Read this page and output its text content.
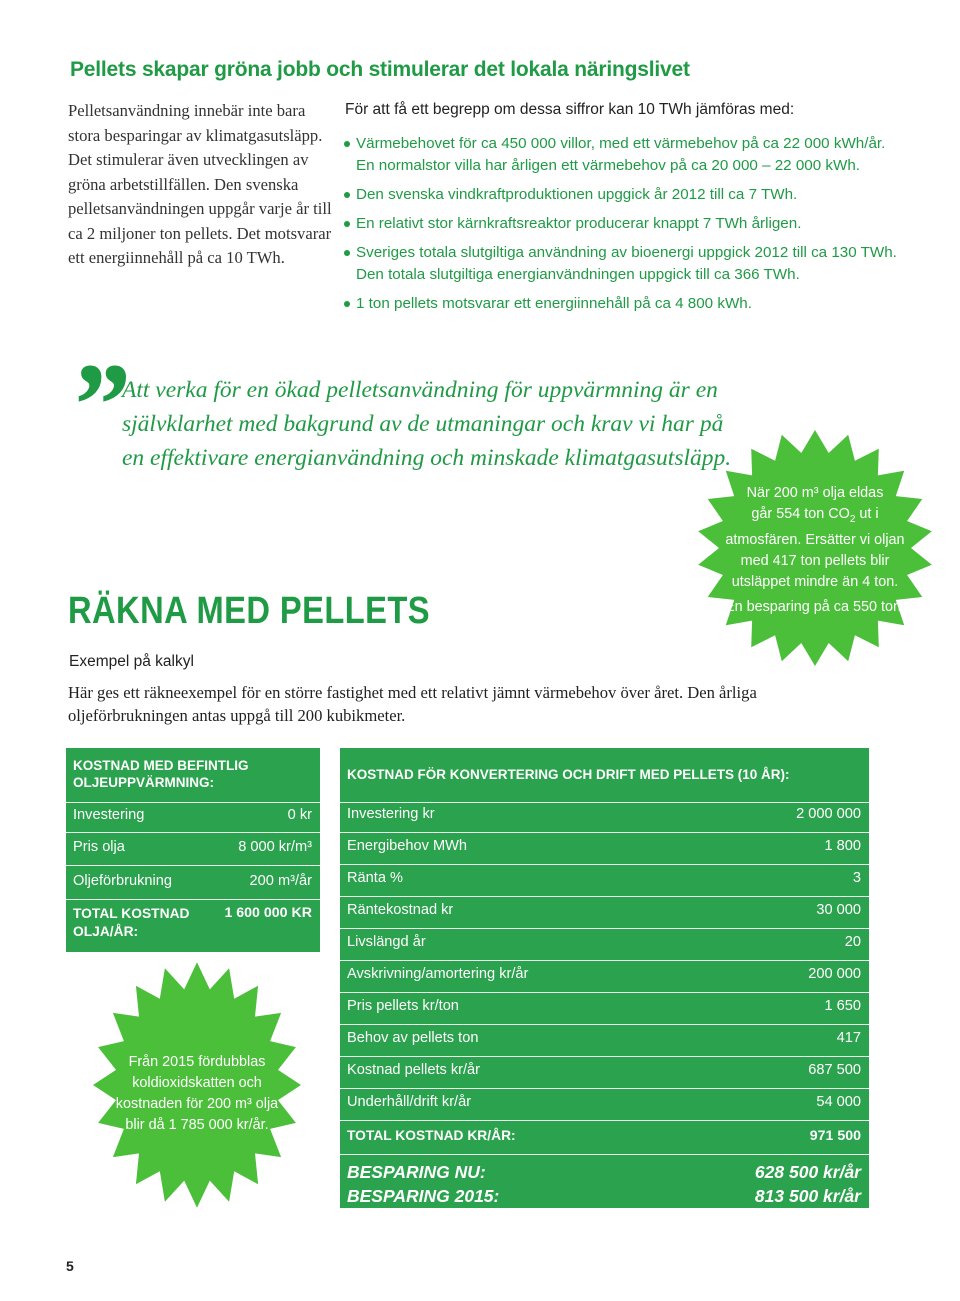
Pellets skapar gröna jobb och stimulerar det lokala näringslivet
Pelletsanvändning innebär inte bara stora besparingar av klimatgasutsläpp. Det stimulerar även utvecklingen av gröna arbetstillfällen. Den svenska pelletsanvändningen uppgår varje år till ca 2 miljoner ton pellets. Det motsvarar ett energiinnehåll på ca 10 TWh.
För att få ett begrepp om dessa siffror kan 10 TWh jämföras med:
Värmebehovet för ca 450 000 villor, med ett värmebehov på ca 22 000 kWh/år.
En normalstor villa har årligen ett värmebehov på ca 20 000 – 22 000 kWh.
Den svenska vindkraftproduktionen upggick år 2012 till ca 7 TWh.
En relativt stor kärnkraftsreaktor producerar knappt 7 TWh årligen.
Sveriges totala slutgiltiga användning av bioenergi uppgick 2012 till ca 130 TWh.
Den totala slutgiltiga energianvändningen uppgick till ca 366 TWh.
1 ton pellets motsvarar ett energiinnehåll på ca 4 800 kWh.
”
Att verka för en ökad pelletsanvändning för uppvärmning är en självklarhet med bakgrund av de utmaningar och krav vi har på en effektivare energianvändning och minskade klimatgasutsläpp.
När 200 m³ olja eldas
går 554 ton $CO_2$ ut i
atmosfären. Ersätter vi oljan med 417 ton pellets blir utsläppet mindre än 4 ton.
En besparing på ca 550 ton!
RÄKNA MED PELLETS
Exempel på kalkyl
Här ges ett räkneexempel för en större fastighet med ett relativt jämnt värmebehov över året. Den årliga oljeförbrukningen antas uppgå till 200 kubikmeter.
KOSTNAD MED BEFINTLIG OLJEUPPVÄRMNING:
Investering	0 kr
Pris olja	8 000 kr/m³
Oljeförbrukning	200 m³/år
TOTAL KOSTNAD OLJA/ÅR:
1 600 000 KR
Från 2015 fördubblas koldioxidskatten och kostnaden för 200 m³ olja blir då 1 785 000 kr/år.
KOSTNAD FÖR KONVERTERING OCH DRIFT MED PELLETS (10 ÅR):
Investering kr	2 000 000
Energibehov MWh	1 800
Ränta %	3
Räntekostnad kr	30 000
Livslängd år	20
Avskrivning/amortering kr/år	200 000
Pris pellets kr/ton	1 650
Behov av pellets ton	417
Kostnad pellets kr/år	687 500
Underhåll/drift kr/år	54 000
TOTAL KOSTNAD KR/ÅR:	971 500
BESPARING NU:	628 500 kr/år
BESPARING 2015:	813 500 kr/år
5
